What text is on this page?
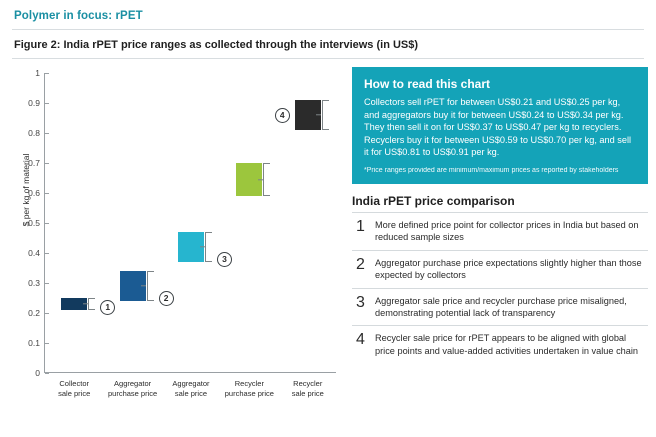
Polymer in focus: rPET
Figure 2: India rPET price ranges as collected through the interviews (in US$)
$ per kg of material
0
0.1
0.2
0.3
0.4
0.5
0.6
0.7
0.8
0.9
1
1
2
3
4
Collector
sale price
Aggregator
purchase price
Aggregator
sale price
Recycler
purchase price
Recycler
sale price
How to read this chart

Collectors sell rPET for between US$0.21 and US$0.25 per kg, and aggregators buy it for between US$0.24 to US$0.34 per kg. They then sell it on for US$0.37 to US$0.47 per kg to recyclers. Recyclers buy it for between US$0.59 to US$0.70 per kg, and sell it for US$0.81 to US$0.91 per kg.

*Price ranges provided are minimum/maximum prices as reported by stakeholders
India rPET price comparison
1 More defined price point for collector prices in India but based on reduced sample sizes
2 Aggregator purchase price expectations slightly higher than those expected by collectors
3 Aggregator sale price and recycler purchase price misaligned, demonstrating potential lack of transparency
4 Recycler sale price for rPET appears to be aligned with global price points and value-added activities undertaken in value chain
